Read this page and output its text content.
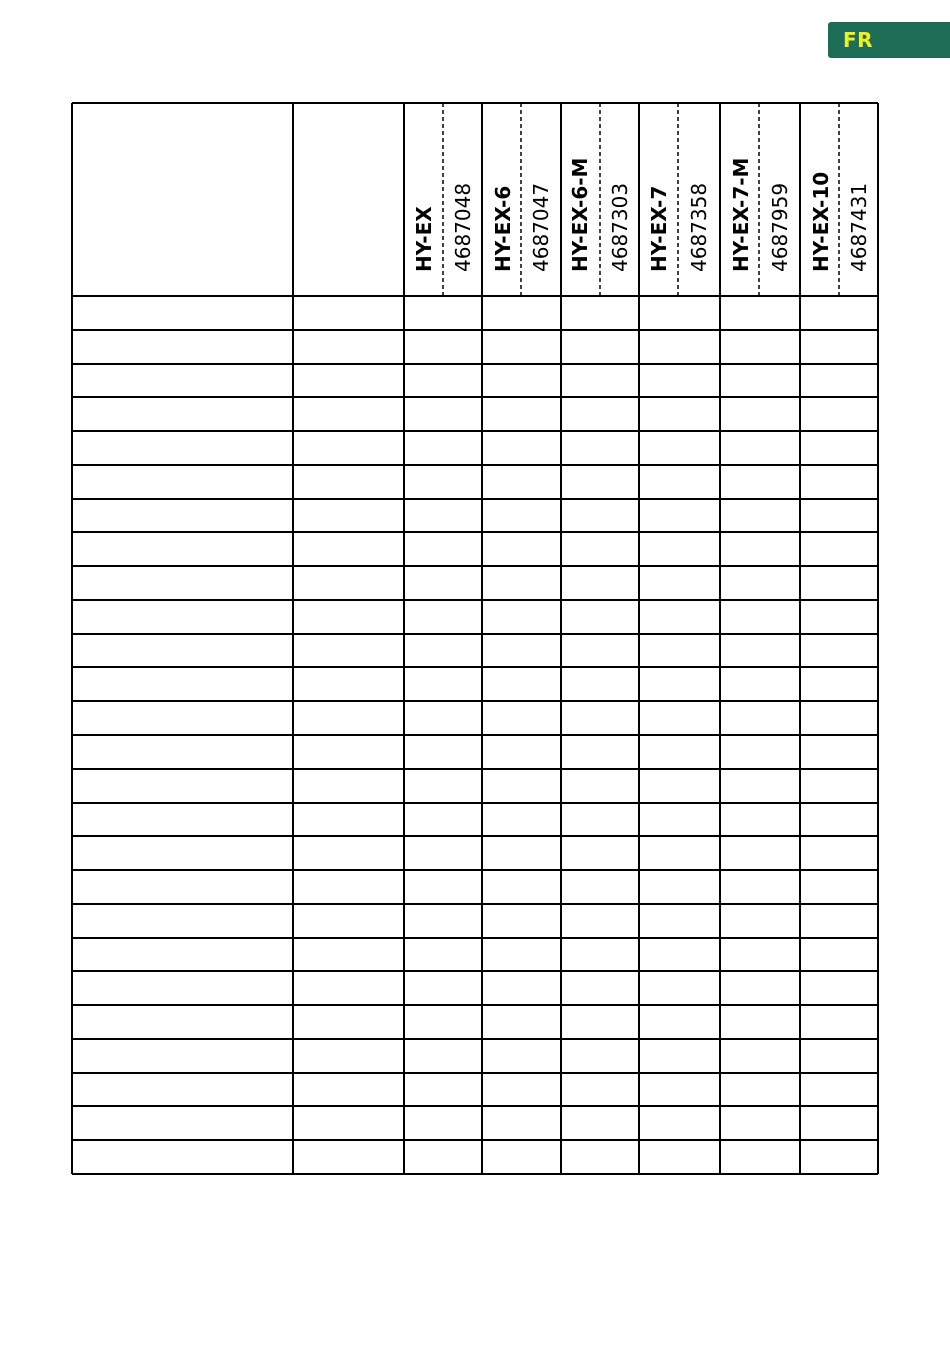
FR
HY-EX 4687048 HY-EX-6 4687047 HY-EX-6-M 4687303 HY-EX-7 4687358 HY-EX-7-M 4687959 HY-EX-10 4687431
